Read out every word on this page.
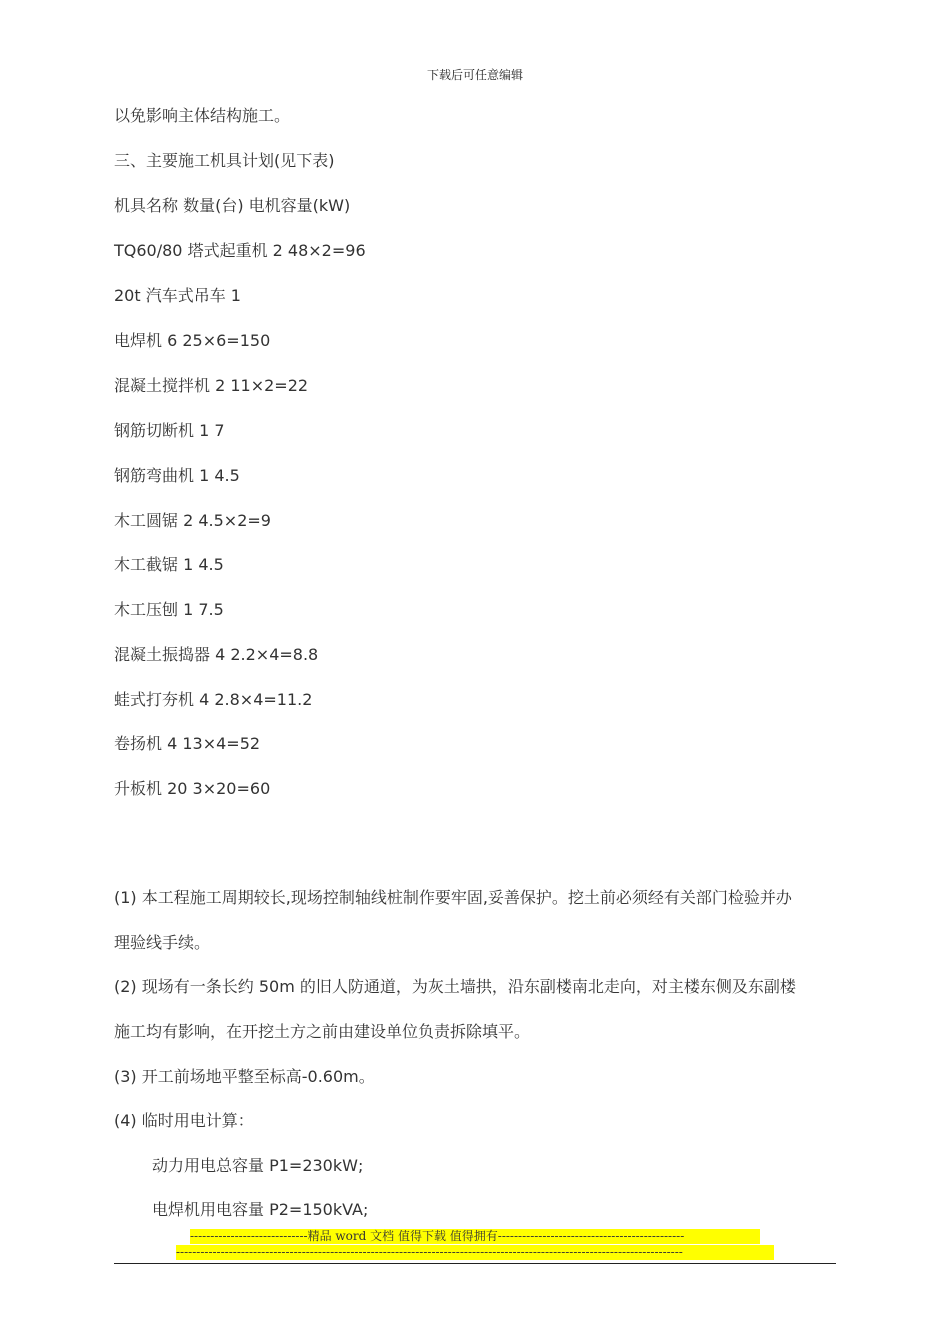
下载后可任意编辑
以免影响主体结构施工。
三、主要施工机具计划(见下表)
机具名称 数量(台) 电机容量(kW)
TQ60/80 塔式起重机 2 48×2=96
20t 汽车式吊车 1
电焊机 6 25×6=150
混凝土搅拌机 2 11×2=22
钢筋切断机 1 7
钢筋弯曲机 1 4.5
木工圆锯 2 4.5×2=9
木工截锯 1 4.5
木工压刨 1 7.5
混凝土振捣器 4 2.2×4=8.8
蛙式打夯机 4 2.8×4=11.2
卷扬机 4 13×4=52
升板机 20 3×20=60
(1) 本工程施工周期较长,现场控制轴线桩制作要牢固,妥善保护。挖土前必须经有关部门检验并办
理验线手续。
(2) 现场有一条长约 50m 的旧人防通道，为灰土墙拱，沿东副楼南北走向，对主楼东侧及东副楼
施工均有影响，在开挖土方之前由建设单位负责拆除填平。
(3) 开工前场地平整至标高-0.60m。
(4) 临时用电计算：
动力用电总容量 P1=230kW;
电焊机用电容量 P2=150kVA;
-----------------------------精品 word 文档 值得下载 值得拥有----------------------------------------------
-----------------------------------------------------------------------------------------------------------------------------
